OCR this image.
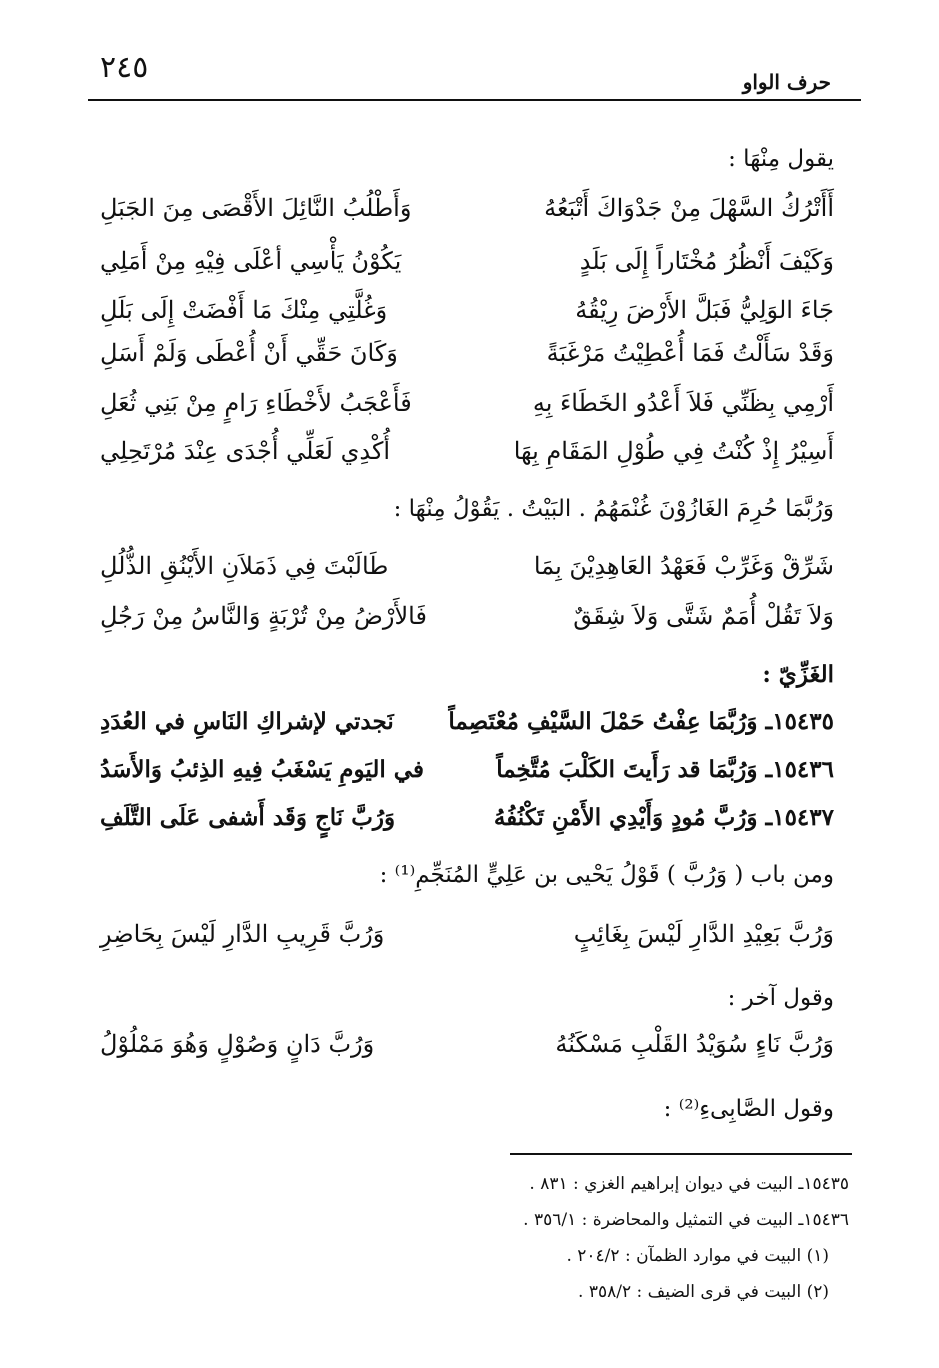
٢٤٥	حرف الواو
يقول مِنْهَا :
أَأَتْرُكُ السَّهْلَ مِنْ جَدْوَاكَ أَتْبَعُهُ
وَأَطْلُبُ النَّائِلَ الأَقْصَى مِنَ الجَبَلِ
وَكَيْفَ أَنْظُرُ مُخْتَاراً إِلَى بَلَدٍ
يَكُوْنُ يَأْسِي أعْلَى فِيْهِ مِنْ أَمَلِي
جَاءَ الوَلِيُّ فَبَلَّ الأَرْضَ رِيْقُهُ
وَغُلَّتِي مِنْكَ مَا أَفْضَتْ إِلَى بَلَلِ
وَقَدْ سَأَلْتُ فَمَا أُعْطِيْتُ مَرْغَبَةً
وَكَانَ حَقِّي أَنْ أُعْطَى وَلَمْ أَسَلِ
أَرْمِي بِظَنِّي فَلاَ أَعْدُو الخَطَاءَ بِهِ
فَأَعْجَبُ لأَخْطَاءِ رَامٍ مِنْ بَنِي ثُعَلِ
أَسِيْرُ إِذْ كُنْتُ فِي طُوْلِ المَقَامِ بِهَا
أُكْدِي لَعَلِّي أُجْدَى عِنْدَ مُرْتَحِلِي
وَرُبَّمَا حُرِمَ الغَازُوْنَ غُنْمَهُمُ . البَيْتُ . يَقُوْلُ مِنْهَا :
شَرِّقْ وَغَرِّبْ فَعَهْدُ العَاهِدِيْنَ بِمَا
طَالَبْتَ فِي ذَمَلاَنِ الأَيْنُقِ الذُّلُلِ
وَلاَ تَقُلْ أُمَمٌ شَتَّى وَلاَ شِقَقٌ
فَالأَرْضُ مِنْ تُرْبَةٍ وَالنَّاسُ مِنْ رَجُلِ
الغَزِّيّ :
١٥٤٣٥ـ وَرُبَّمَا عِفْتُ حَمْلَ السَّيْفِ مُعْتَصِماً
نَجدتي لإشراكِ النَاسِ في العُدَدِ
١٥٤٣٦ـ وَرُبَّمَا قد رَأَيتَ الكَلْبَ مُتَّخِماً
في اليَومِ يَسْغَبُ فِيهِ الذِئبُ وَالأَسَدُ
١٥٤٣٧ـ وَرُبَّ مُودٍ وَأَيْدِي الأَمْنِ تَكْنُفُهُ
وَرُبَّ نَاجٍ وَقَد أَشفى عَلَى التَّلَفِ
ومن باب ( وَرُبَّ ) قَوْلُ يَحْيى بن عَلِيٍّ المُنَجِّمِ⁽¹⁾ :
وَرُبَّ بَعِيْدِ الدَّارِ لَيْسَ بِغَائِبٍ
وَرُبَّ قَرِيبِ الدَّارِ لَيْسَ بِحَاضِرِ
وقول آخر :
وَرُبَّ نَاءٍ سُوَيْدُ القَلْبِ مَسْكَنُهُ
وَرُبَّ دَانٍ وَصُوْلٍ وَهُوَ مَمْلُوْلُ
وقول الصَّابِىءِ⁽²⁾ :
١٥٤٣٥ـ البيت في ديوان إبراهيم الغزي : ٨٣١ .
١٥٤٣٦ـ البيت في التمثيل والمحاضرة : ٣٥٦/١ .
(١) البيت في موارد الظمآن : ٢٠٤/٢ .
(٢) البيت في قرى الضيف : ٣٥٨/٢ .
